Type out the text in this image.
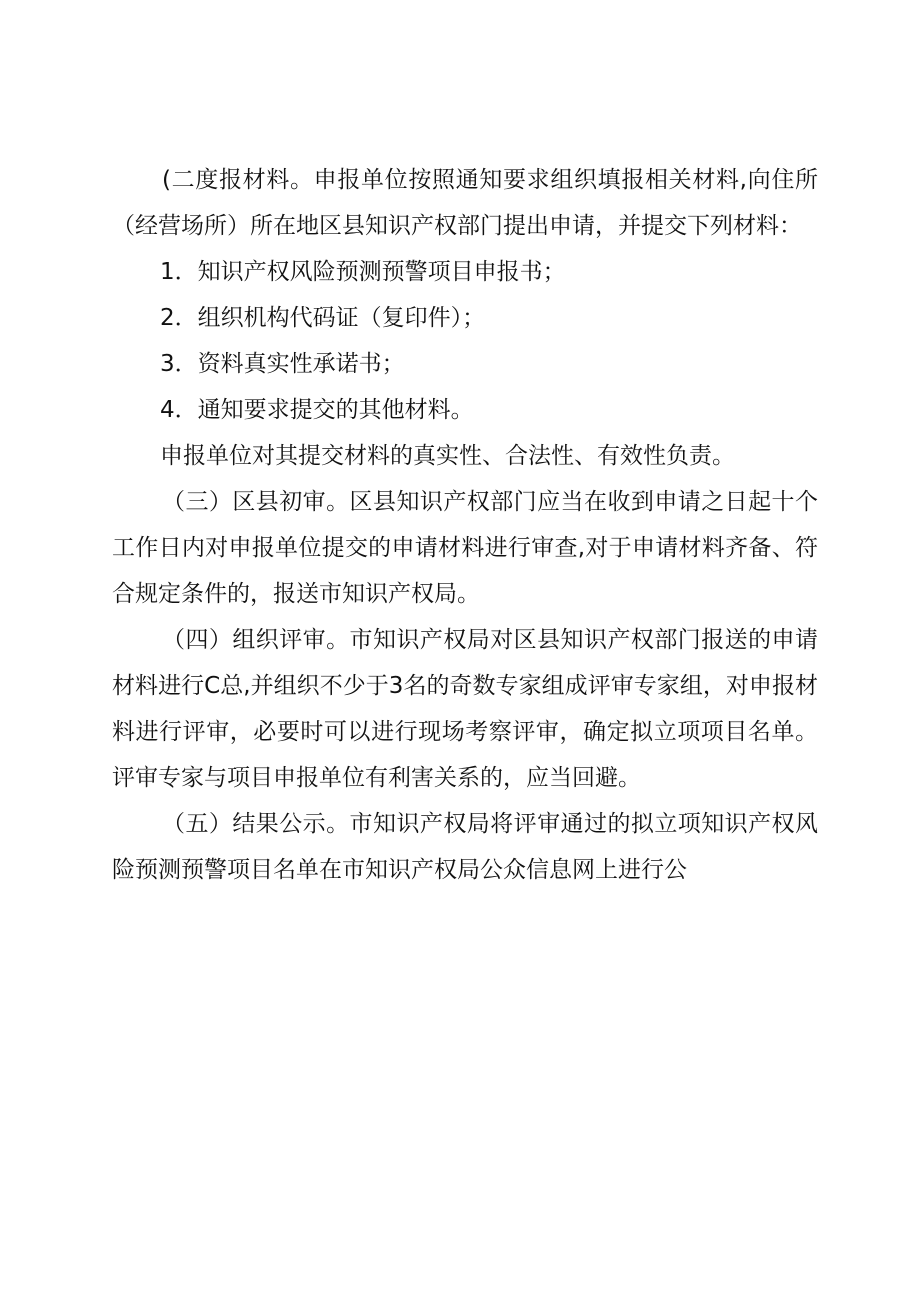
(二度报材料。申报单位按照通知要求组织填报相关材料,向住所（经营场所）所在地区县知识产权部门提出申请，并提交下列材料：

1．知识产权风险预测预警项目申报书；

2．组织机构代码证（复印件）；

3．资料真实性承诺书；

4．通知要求提交的其他材料。

申报单位对其提交材料的真实性、合法性、有效性负责。

（三）区县初审。区县知识产权部门应当在收到申请之日起十个工作日内对申报单位提交的申请材料进行审查,对于申请材料齐备、符合规定条件的，报送市知识产权局。

（四）组织评审。市知识产权局对区县知识产权部门报送的申请材料进行C总,并组织不少于3名的奇数专家组成评审专家组，对申报材料进行评审，必要时可以进行现场考察评审，确定拟立项项目名单。评审专家与项目申报单位有利害关系的，应当回避。

（五）结果公示。市知识产权局将评审通过的拟立项知识产权风险预测预警项目名单在市知识产权局公众信息网上进行公
